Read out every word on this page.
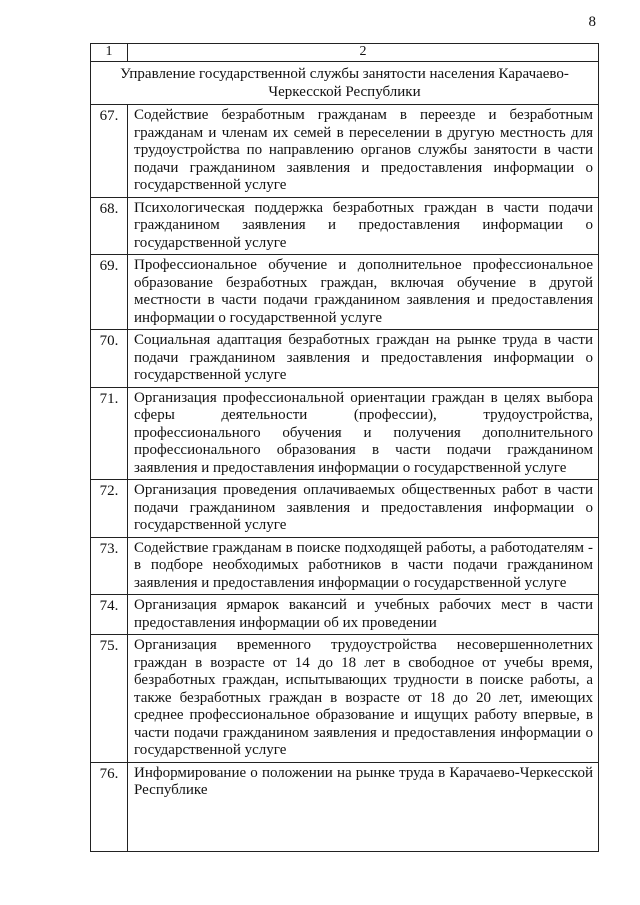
8
1	2
Управление государственной службы занятости населения Карачаево-Черкесской Республики	
67.	Содействие безработным гражданам в переезде и безработным гражданам и членам их семей в переселении в другую местность для трудоустройства по направлению органов службы занятости в части подачи гражданином заявления и предоставления информации о государственной услуге
68.	Психологическая поддержка безработных граждан в части подачи гражданином заявления и предоставления информации о государственной услуге
69.	Профессиональное обучение и дополнительное профессиональное образование безработных граждан, включая обучение в другой местности в части подачи гражданином заявления и предоставления информации о государственной услуге
70.	Социальная адаптация безработных граждан на рынке труда в части подачи гражданином заявления и предоставления информации о государственной услуге
71.	Организация профессиональной ориентации граждан в целях выбора сферы деятельности (профессии), трудоустройства, профессионального обучения и получения дополнительного профессионального образования в части подачи гражданином заявления и предоставления информации о государственной услуге
72.	Организация проведения оплачиваемых общественных работ в части подачи гражданином заявления и предоставления информации о государственной услуге
73.	Содействие гражданам в поиске подходящей работы, а работодателям - в подборе необходимых работников в части подачи гражданином заявления и предоставления информации о государственной услуге
74.	Организация ярмарок вакансий и учебных рабочих мест в части предоставления информации об их проведении
75.	Организация временного трудоустройства несовершеннолетних граждан в возрасте от 14 до 18 лет в свободное от учебы время, безработных граждан, испытывающих трудности в поиске работы, а также безработных граждан в возрасте от 18 до 20 лет, имеющих среднее профессиональное образование и ищущих работу впервые, в части подачи гражданином заявления и предоставления информации о государственной услуге
76.	Информирование о положении на рынке труда в Карачаево-Черкесской Республике
